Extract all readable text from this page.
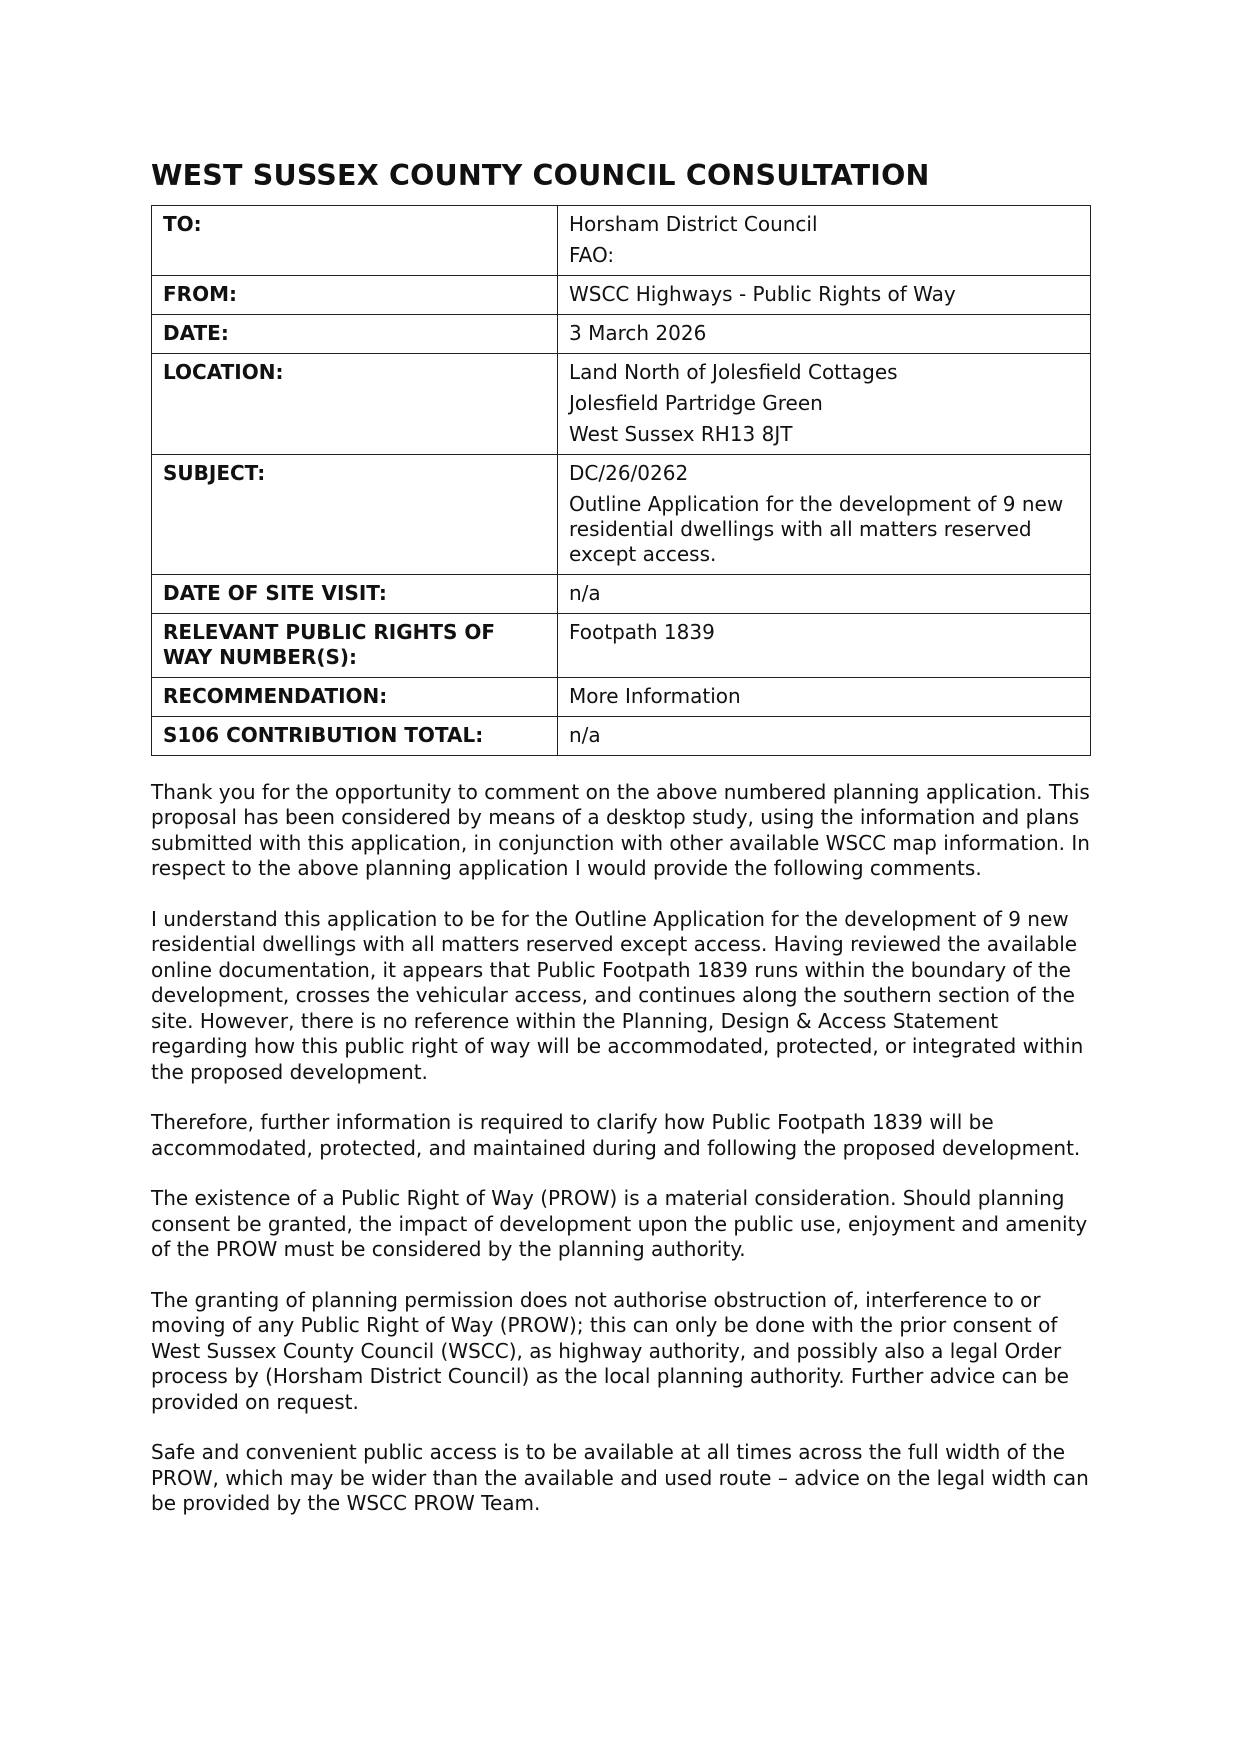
WEST SUSSEX COUNTY COUNCIL CONSULTATION
TO:	Horsham District Council
FAO:

FROM:	WSCC Highways - Public Rights of Way

DATE:	3 March 2026

LOCATION:	Land North of Jolesfield Cottages
Jolesfield Partridge Green
West Sussex RH13 8JT

SUBJECT:	DC/26/0262
Outline Application for the development of 9 new residential dwellings with all matters reserved except access.

DATE OF SITE VISIT:	n/a

RELEVANT PUBLIC RIGHTS OF WAY NUMBER(S):	Footpath 1839

RECOMMENDATION:	More Information

S106 CONTRIBUTION TOTAL:	n/a

Thank you for the opportunity to comment on the above numbered planning application. This proposal has been considered by means of a desktop study, using the information and plans submitted with this application, in conjunction with other available WSCC map information. In respect to the above planning application I would provide the following comments.

I understand this application to be for the Outline Application for the development of 9 new residential dwellings with all matters reserved except access. Having reviewed the available online documentation, it appears that Public Footpath 1839 runs within the boundary of the development, crosses the vehicular access, and continues along the southern section of the site. However, there is no reference within the Planning, Design & Access Statement regarding how this public right of way will be accommodated, protected, or integrated within the proposed development.

Therefore, further information is required to clarify how Public Footpath 1839 will be accommodated, protected, and maintained during and following the proposed development.

The existence of a Public Right of Way (PROW) is a material consideration. Should planning consent be granted, the impact of development upon the public use, enjoyment and amenity of the PROW must be considered by the planning authority.

The granting of planning permission does not authorise obstruction of, interference to or moving of any Public Right of Way (PROW); this can only be done with the prior consent of West Sussex County Council (WSCC), as highway authority, and possibly also a legal Order process by (Horsham District Council) as the local planning authority. Further advice can be provided on request.

Safe and convenient public access is to be available at all times across the full width of the PROW, which may be wider than the available and used route – advice on the legal width can be provided by the WSCC PROW Team.
